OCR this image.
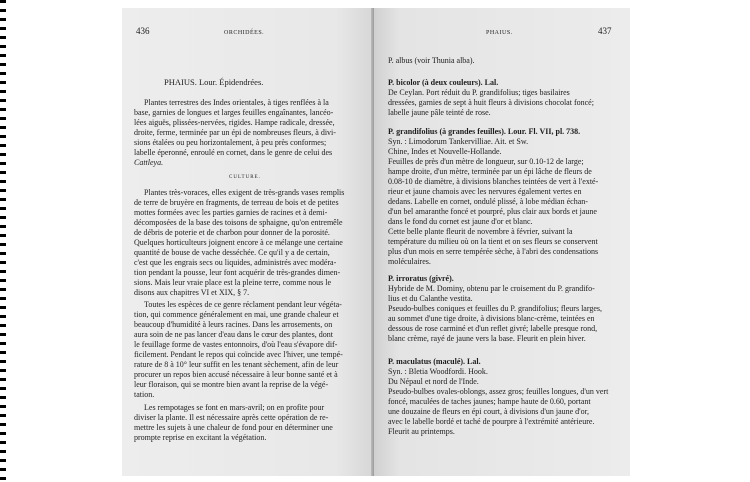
436	ORCHIDÉES.
PHAIUS. Lour. Épidendrées.
Plantes terrestres des Indes orientales, à tiges renflées à la
base, garnies de longues et larges feuilles engaînantes, lancéo-
lées aiguës, plissées-nervées, rigides. Hampe radicale, dressée,
droite, ferme, terminée par un épi de nombreuses fleurs, à divi-
sions étalées ou peu horizontalement, à peu près conformes;
labelle éperonné, enroulé en cornet, dans le genre de celui des
Cattleya.
CULTURE.
Plantes très-voraces, elles exigent de très-grands vases remplis
de terre de bruyère en fragments, de terreau de bois et de petites
mottes formées avec les parties garnies de racines et à demi-
décomposées de la base des toisons de sphaigne, qu'on entremêle
de débris de poterie et de charbon pour donner de la porosité.
Quelques horticulteurs joignent encore à ce mélange une certaine
quantité de bouse de vache desséchée. Ce qu'il y a de certain,
c'est que les engrais secs ou liquides, administrés avec modéra-
tion pendant la pousse, leur font acquérir de très-grandes dimen-
sions. Mais leur vraie place est la pleine terre, comme nous le
disons aux chapitres VI et XIX, § 7.
Toutes les espèces de ce genre réclament pendant leur végéta-
tion, qui commence généralement en mai, une grande chaleur et
beaucoup d'humidité à leurs racines. Dans les arrosements, on
aura soin de ne pas lancer d'eau dans le cœur des plantes, dont
le feuillage forme de vastes entonnoirs, d'où l'eau s'évapore dif-
ficilement. Pendant le repos qui coïncide avec l'hiver, une tempé-
rature de 8 à 10° leur suffit en les tenant sèchement, afin de leur
procurer un repos bien accusé nécessaire à leur bonne santé et à
leur floraison, qui se montre bien avant la reprise de la végé-
tation.
Les rempotages se font en mars-avril; on en profite pour
diviser la plante. Il est nécessaire après cette opération de re-
mettre les sujets à une chaleur de fond pour en déterminer une
prompte reprise en excitant la végétation.
PHAIUS.	437
P. albus (voir Thunia alba).
P. bicolor (à deux couleurs). Lal.
De Ceylan. Port réduit du P. grandifolius; tiges basilaires
dressées, garnies de sept à huit fleurs à divisions chocolat foncé;
labelle jaune pâle teinté de rose.
P. grandifolius (à grandes feuilles). Lour. Fl. VII, pl. 738.
Syn. : Limodorum Tankervilliae. Ait. et Sw.
Chine, Indes et Nouvelle-Hollande.
Feuilles de près d'un mètre de longueur, sur 0.10-12 de large;
hampe droite, d'un mètre, terminée par un épi lâche de fleurs de
0.08-10 de diamètre, à divisions blanches teintées de vert à l'exté-
rieur et jaune chamois avec les nervures également vertes en
dedans. Labelle en cornet, ondulé plissé, à lobe médian échan-
d'un bel amaranthe foncé et pourpré, plus clair aux bords et jaune
dans le fond du cornet est jaune d'or et blanc.
Cette belle plante fleurit de novembre à février, suivant la
température du milieu où on la tient et on ses fleurs se conservent
plus d'un mois en serre tempérée sèche, à l'abri des condensations
moléculaires.
P. irroratus (givré).
Hybride de M. Dominy, obtenu par le croisement du P. grandifo-
lius et du Calanthe vestita.
Pseudo-bulbes coniques et feuilles du P. grandifolius; fleurs larges,
au sommet d'une tige droite, à divisions blanc-crème, teintées en
dessous de rose carminé et d'un reflet givré; labelle presque rond,
blanc crème, rayé de jaune vers la base. Fleurit en plein hiver.
P. maculatus (maculé). Lal.
Syn. : Bletia Woodfordi. Hook.
Du Népaul et nord de l'Inde.
Pseudo-bulbes ovales-oblongs, assez gros; feuilles longues, d'un vert
foncé, maculées de taches jaunes; hampe haute de 0.60, portant
une douzaine de fleurs en épi court, à divisions d'un jaune d'or,
avec le labelle bordé et taché de pourpre à l'extrémité antérieure.
Fleurit au printemps.
